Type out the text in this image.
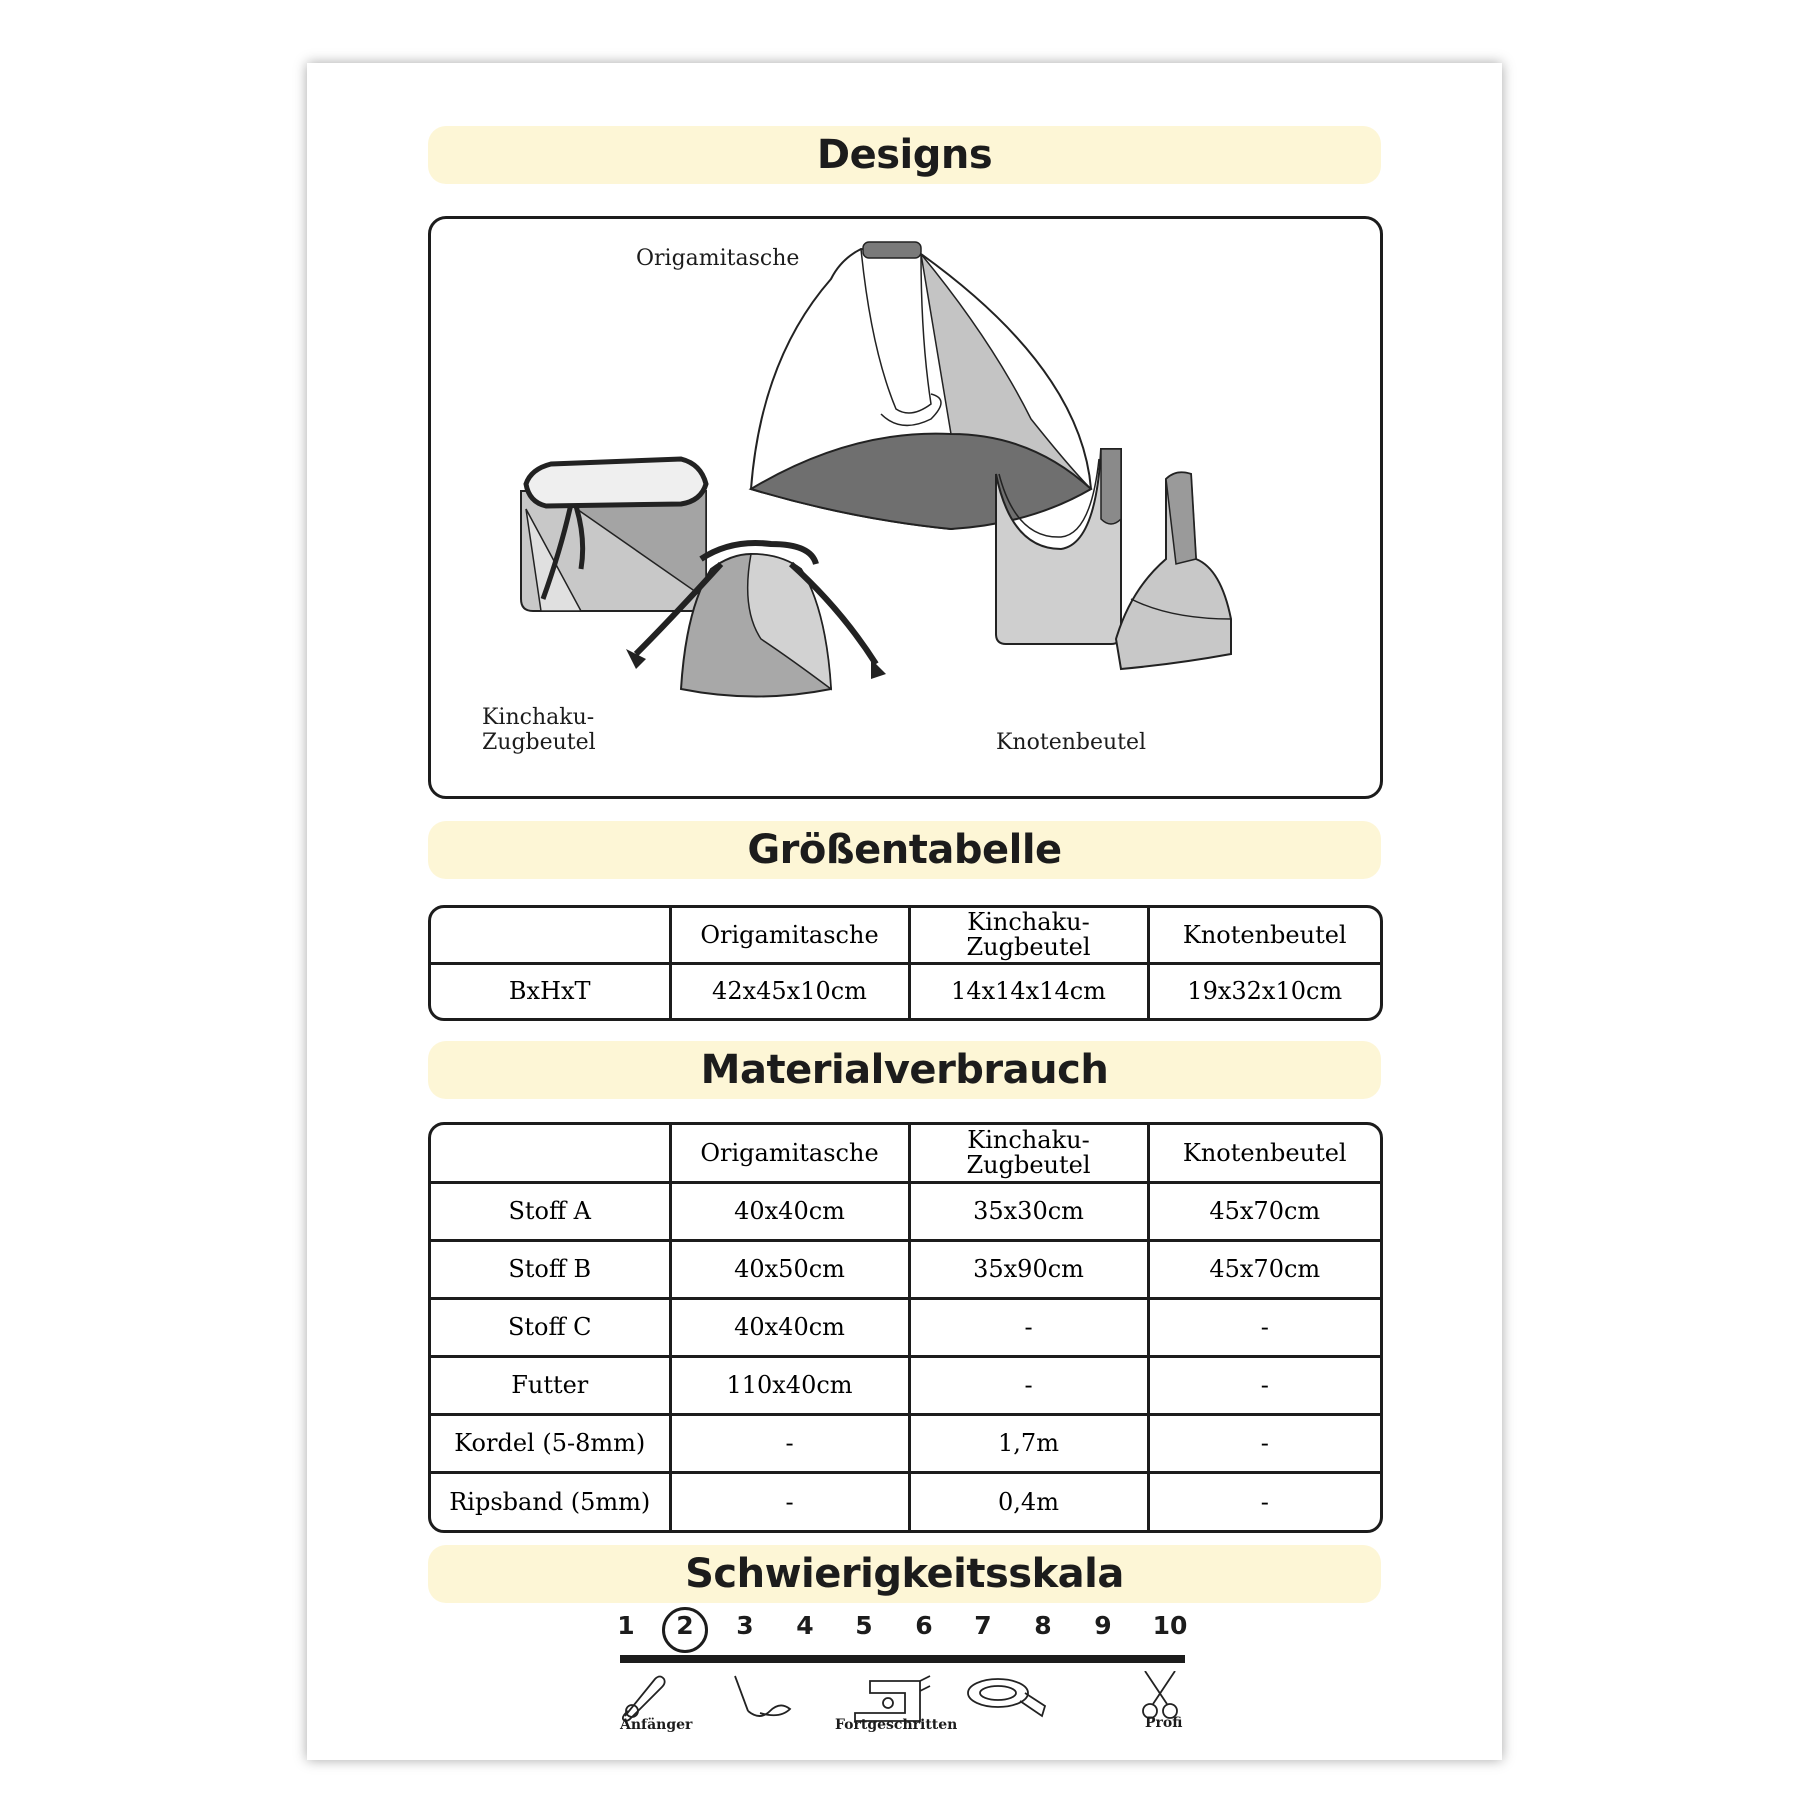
Designs
Origamitasche
Kinchaku-
Zugbeutel	Knotenbeutel
Größentabelle
	Origamitasche	Kinchaku-
Zugbeutel	Knotenbeutel
BxHxT	42x45x10cm	14x14x14cm	19x32x10cm
Materialverbrauch
	Origamitasche	Kinchaku-
Zugbeutel	Knotenbeutel
Stoff A	40x40cm	35x30cm	45x70cm
Stoff B	40x50cm	35x90cm	45x70cm
Stoff C	40x40cm	-	-
Futter	110x40cm	-	-
Kordel (5-8mm)	-	1,7m	-
Ripsband (5mm)	-	0,4m	-
Schwierigkeitsskala
1	2	3	4	5	6	7	8	9	10
Anfänger	Fortgeschritten	Profi
